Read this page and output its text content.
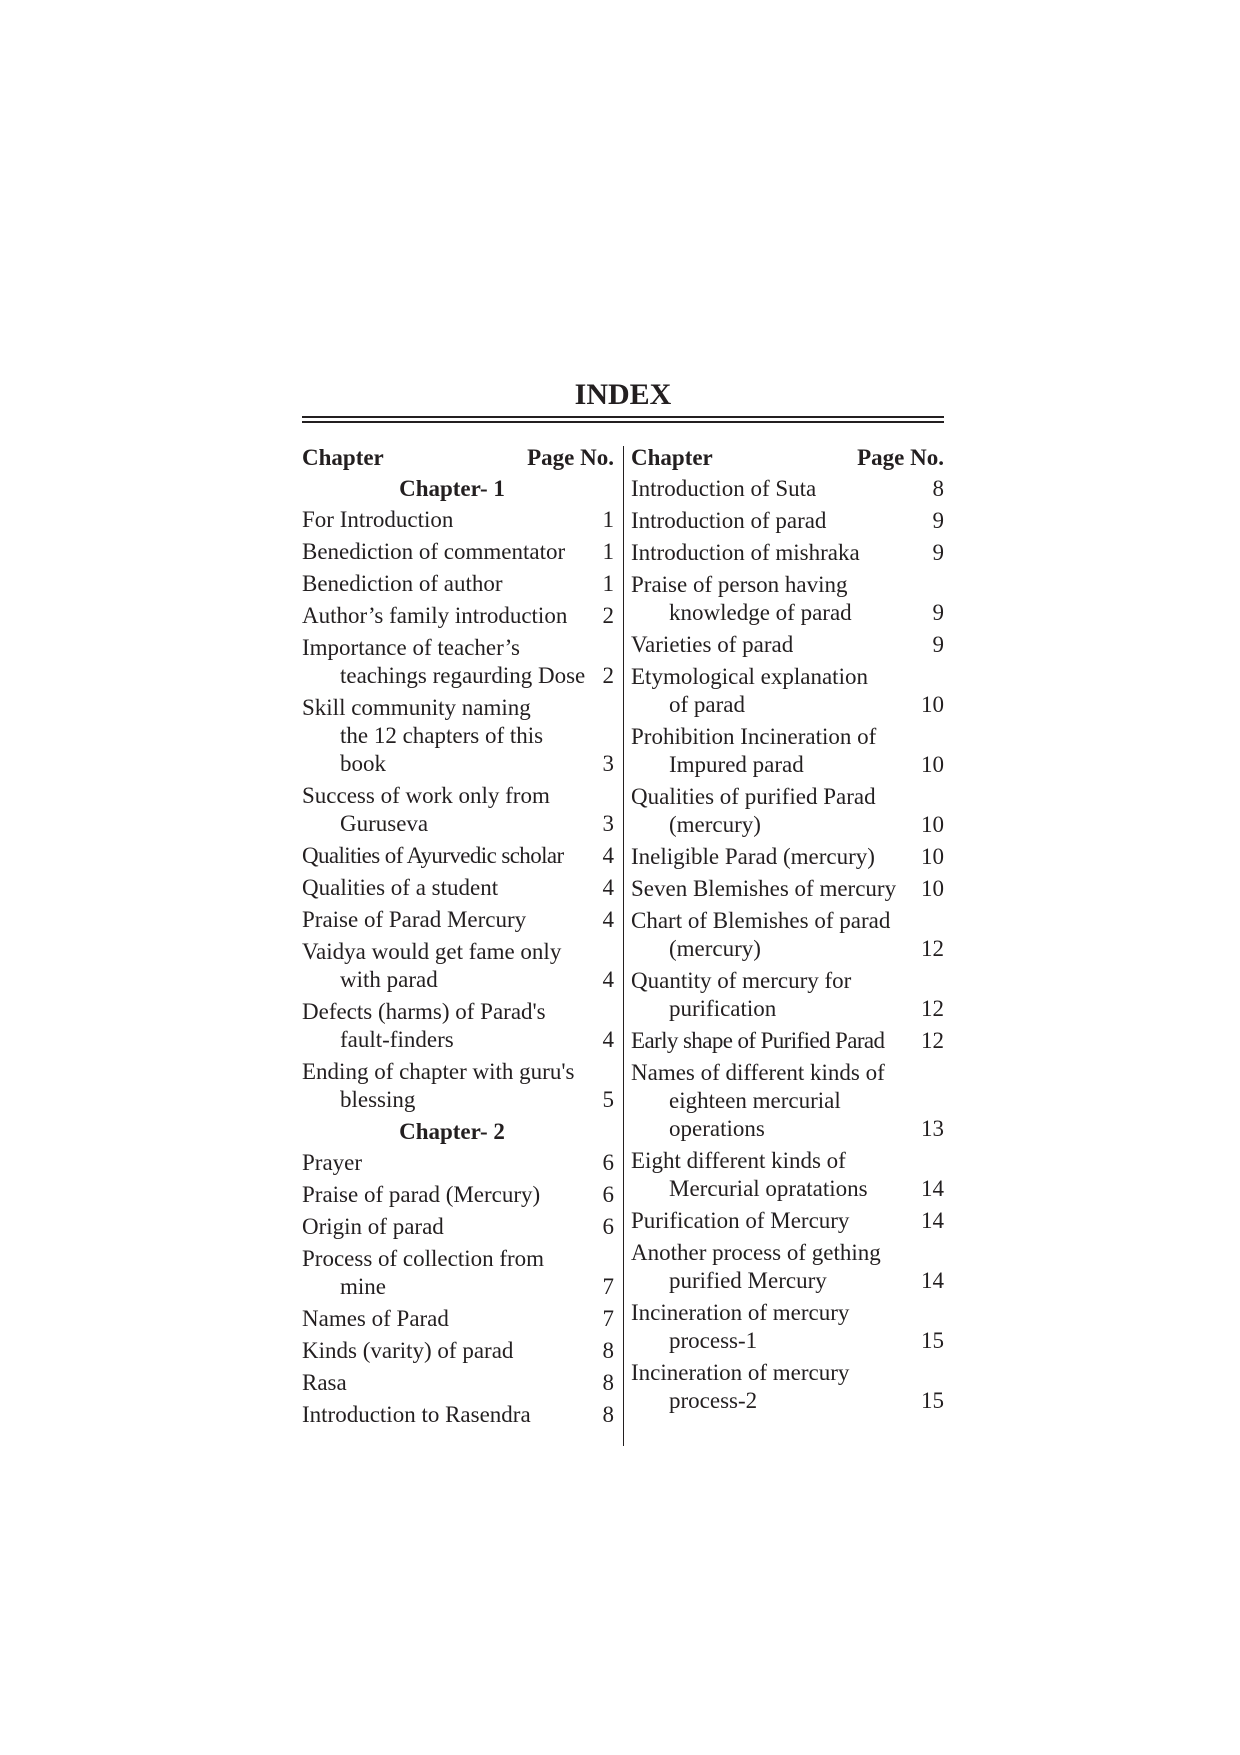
INDEX
Chapter	Page No.
Chapter- 1
For Introduction	1
Benediction of commentator	1
Benediction of author	1
Author’s family introduction	2
Importance of teacher’s
teachings regaurding Dose 2
Skill community naming
the 12 chapters of this
book	3
Success of work only from
Guruseva	3
Qualities of Ayurvedic scholar	4
Qualities of a student	4
Praise of Parad Mercury	4
Vaidya would get fame only
with parad	4
Defects (harms) of Parad's
fault-finders	4
Ending of chapter with guru's
blessing	5
Chapter- 2
Prayer	6
Praise of parad (Mercury)	6
Origin of parad	6
Process of collection from
mine	7
Names of Parad	7
Kinds (varity) of parad	8
Rasa	8
Introduction to Rasendra	8
Chapter	Page No.
Introduction of Suta	8
Introduction of parad	9
Introduction of mishraka	9
Praise of person having
knowledge of parad	9
Varieties of parad	9
Etymological explanation
of parad	10
Prohibition Incineration of
Impured parad	10
Qualities of purified Parad
(mercury)	10
Ineligible Parad (mercury)	10
Seven Blemishes of mercury	10
Chart of Blemishes of parad
(mercury)	12
Quantity of mercury for
purification	12
Early shape of Purified Parad	12
Names of different kinds of
eighteen mercurial
operations	13
Eight different kinds of
Mercurial opratations	14
Purification of Mercury	14
Another process of gething
purified Mercury	14
Incineration of mercury
process-1	15
Incineration of mercury
process-2	15
